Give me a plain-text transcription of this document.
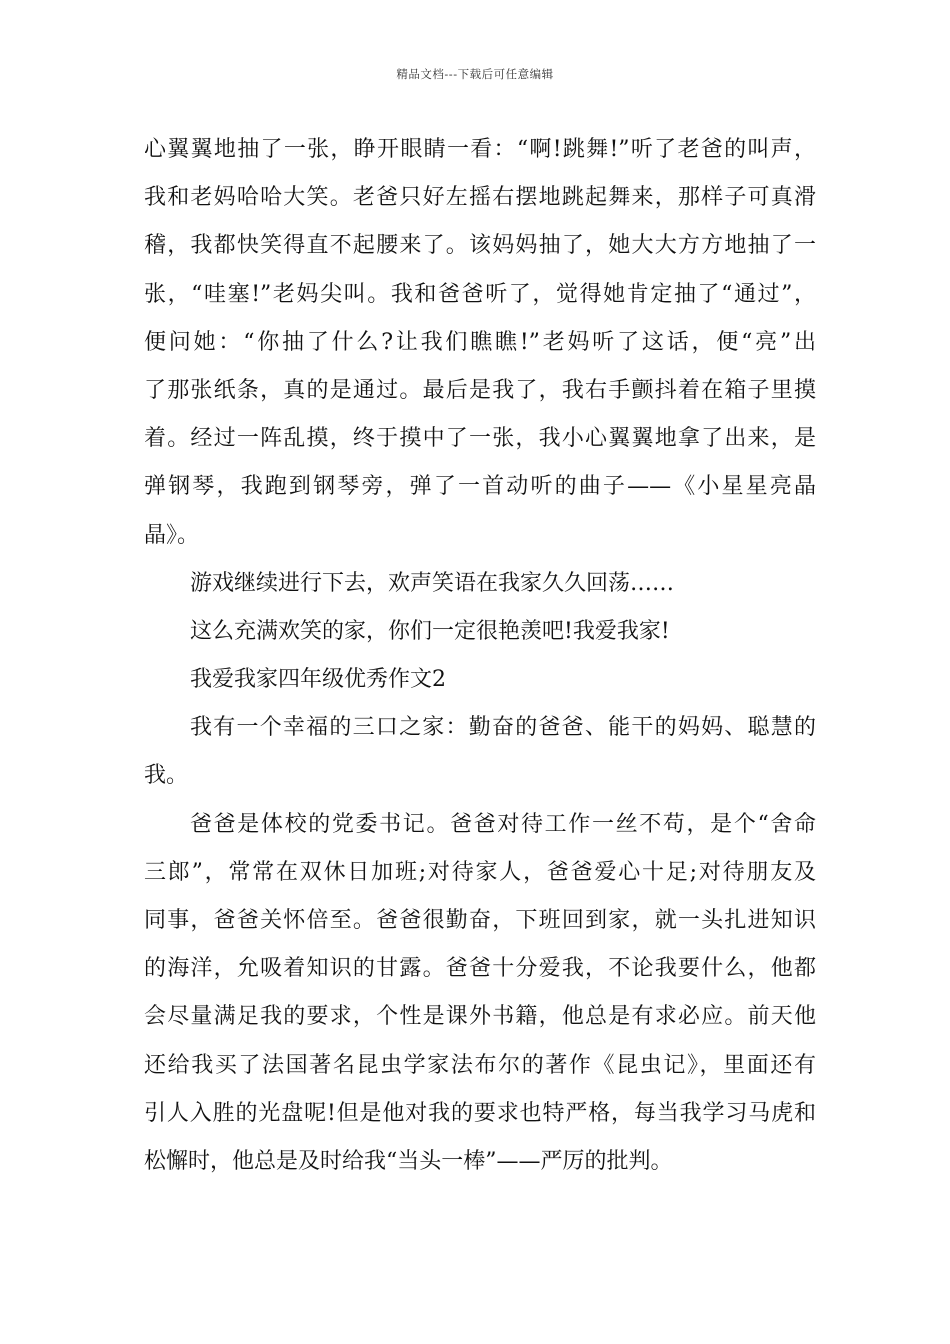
精品文档---下载后可任意编辑
心翼翼地抽了一张，睁开眼睛一看：“啊!跳舞!”听了老爸的叫声，
我和老妈哈哈大笑。老爸只好左摇右摆地跳起舞来，那样子可真滑
稽，我都快笑得直不起腰来了。该妈妈抽了，她大大方方地抽了一
张，“哇塞!”老妈尖叫。我和爸爸听了，觉得她肯定抽了“通过”，
便问她：“你抽了什么?让我们瞧瞧!”老妈听了这话，便“亮”出
了那张纸条，真的是通过。最后是我了，我右手颤抖着在箱子里摸
着。经过一阵乱摸，终于摸中了一张，我小心翼翼地拿了出来，是
弹钢琴，我跑到钢琴旁，弹了一首动听的曲子——《小星星亮晶
晶》。
游戏继续进行下去，欢声笑语在我家久久回荡……
这么充满欢笑的家，你们一定很艳羡吧!我爱我家!
我爱我家四年级优秀作文2
我有一个幸福的三口之家：勤奋的爸爸、能干的妈妈、聪慧的
我。
爸爸是体校的党委书记。爸爸对待工作一丝不苟，是个“舍命
三郎”，常常在双休日加班;对待家人，爸爸爱心十足;对待朋友及
同事，爸爸关怀倍至。爸爸很勤奋，下班回到家，就一头扎进知识
的海洋，允吸着知识的甘露。爸爸十分爱我，不论我要什么，他都
会尽量满足我的要求，个性是课外书籍，他总是有求必应。前天他
还给我买了法国著名昆虫学家法布尔的著作《昆虫记》，里面还有
引人入胜的光盘呢!但是他对我的要求也特严格，每当我学习马虎和
松懈时，他总是及时给我“当头一棒”——严厉的批判。
